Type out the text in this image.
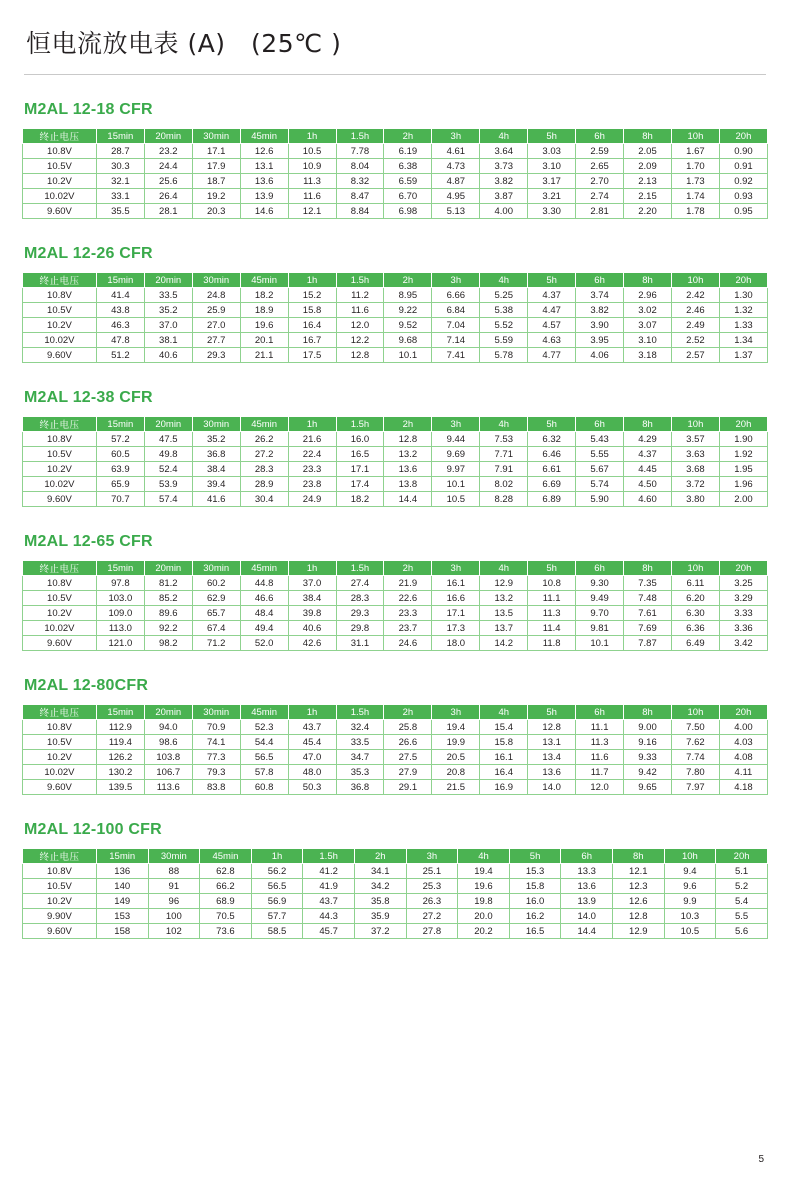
恒电流放电表 (A)　(25℃ )
M2AL 12-18 CFR
终止电压	15min	20min	30min	45min	1h	1.5h	2h	3h	4h	5h	6h	8h	10h	20h
10.8V	28.7	23.2	17.1	12.6	10.5	7.78	6.19	4.61	3.64	3.03	2.59	2.05	1.67	0.90
10.5V	30.3	24.4	17.9	13.1	10.9	8.04	6.38	4.73	3.73	3.10	2.65	2.09	1.70	0.91
10.2V	32.1	25.6	18.7	13.6	11.3	8.32	6.59	4.87	3.82	3.17	2.70	2.13	1.73	0.92
10.02V	33.1	26.4	19.2	13.9	11.6	8.47	6.70	4.95	3.87	3.21	2.74	2.15	1.74	0.93
9.60V	35.5	28.1	20.3	14.6	12.1	8.84	6.98	5.13	4.00	3.30	2.81	2.20	1.78	0.95
M2AL 12-26 CFR
终止电压	15min	20min	30min	45min	1h	1.5h	2h	3h	4h	5h	6h	8h	10h	20h
10.8V	41.4	33.5	24.8	18.2	15.2	11.2	8.95	6.66	5.25	4.37	3.74	2.96	2.42	1.30
10.5V	43.8	35.2	25.9	18.9	15.8	11.6	9.22	6.84	5.38	4.47	3.82	3.02	2.46	1.32
10.2V	46.3	37.0	27.0	19.6	16.4	12.0	9.52	7.04	5.52	4.57	3.90	3.07	2.49	1.33
10.02V	47.8	38.1	27.7	20.1	16.7	12.2	9.68	7.14	5.59	4.63	3.95	3.10	2.52	1.34
9.60V	51.2	40.6	29.3	21.1	17.5	12.8	10.1	7.41	5.78	4.77	4.06	3.18	2.57	1.37
M2AL 12-38 CFR
终止电压	15min	20min	30min	45min	1h	1.5h	2h	3h	4h	5h	6h	8h	10h	20h
10.8V	57.2	47.5	35.2	26.2	21.6	16.0	12.8	9.44	7.53	6.32	5.43	4.29	3.57	1.90
10.5V	60.5	49.8	36.8	27.2	22.4	16.5	13.2	9.69	7.71	6.46	5.55	4.37	3.63	1.92
10.2V	63.9	52.4	38.4	28.3	23.3	17.1	13.6	9.97	7.91	6.61	5.67	4.45	3.68	1.95
10.02V	65.9	53.9	39.4	28.9	23.8	17.4	13.8	10.1	8.02	6.69	5.74	4.50	3.72	1.96
9.60V	70.7	57.4	41.6	30.4	24.9	18.2	14.4	10.5	8.28	6.89	5.90	4.60	3.80	2.00
M2AL 12-65 CFR
终止电压	15min	20min	30min	45min	1h	1.5h	2h	3h	4h	5h	6h	8h	10h	20h
10.8V	97.8	81.2	60.2	44.8	37.0	27.4	21.9	16.1	12.9	10.8	9.30	7.35	6.11	3.25
10.5V	103.0	85.2	62.9	46.6	38.4	28.3	22.6	16.6	13.2	11.1	9.49	7.48	6.20	3.29
10.2V	109.0	89.6	65.7	48.4	39.8	29.3	23.3	17.1	13.5	11.3	9.70	7.61	6.30	3.33
10.02V	113.0	92.2	67.4	49.4	40.6	29.8	23.7	17.3	13.7	11.4	9.81	7.69	6.36	3.36
9.60V	121.0	98.2	71.2	52.0	42.6	31.1	24.6	18.0	14.2	11.8	10.1	7.87	6.49	3.42
M2AL 12-80CFR
终止电压	15min	20min	30min	45min	1h	1.5h	2h	3h	4h	5h	6h	8h	10h	20h
10.8V	112.9	94.0	70.9	52.3	43.7	32.4	25.8	19.4	15.4	12.8	11.1	9.00	7.50	4.00
10.5V	119.4	98.6	74.1	54.4	45.4	33.5	26.6	19.9	15.8	13.1	11.3	9.16	7.62	4.03
10.2V	126.2	103.8	77.3	56.5	47.0	34.7	27.5	20.5	16.1	13.4	11.6	9.33	7.74	4.08
10.02V	130.2	106.7	79.3	57.8	48.0	35.3	27.9	20.8	16.4	13.6	11.7	9.42	7.80	4.11
9.60V	139.5	113.6	83.8	60.8	50.3	36.8	29.1	21.5	16.9	14.0	12.0	9.65	7.97	4.18
M2AL 12-100 CFR
终止电压	15min	30min	45min	1h	1.5h	2h	3h	4h	5h	6h	8h	10h	20h
10.8V	136	88	62.8	56.2	41.2	34.1	25.1	19.4	15.3	13.3	12.1	9.4	5.1
10.5V	140	91	66.2	56.5	41.9	34.2	25.3	19.6	15.8	13.6	12.3	9.6	5.2
10.2V	149	96	68.9	56.9	43.7	35.8	26.3	19.8	16.0	13.9	12.6	9.9	5.4
9.90V	153	100	70.5	57.7	44.3	35.9	27.2	20.0	16.2	14.0	12.8	10.3	5.5
9.60V	158	102	73.6	58.5	45.7	37.2	27.8	20.2	16.5	14.4	12.9	10.5	5.6
5
